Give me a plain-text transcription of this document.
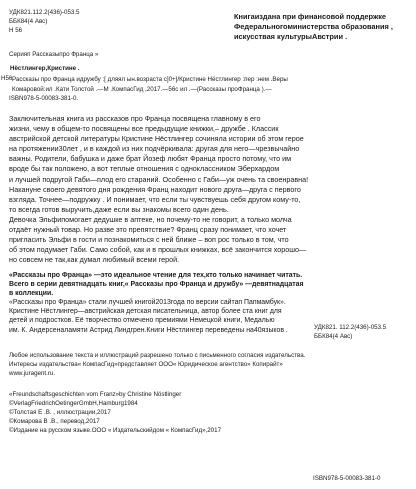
УДК821.112.2(436)-053.5
ББК84(4 Авс)
Н 56
Книгаиздана при финансовой поддержке
Федеральногоминистерства образования ,
искусствая культурыАвстрии .
Серияп Рассказыпро Франца »
Нёстлингер,Кристине .
Н56 Рассказы про Франца идружбу :[ дляял ын.возраста с]0+]/Кристине Нёстлингер :пер :нем .Веры
Комаровой:ил .Кати Толстой .—М .КомпасГид ,2017.—56с ил .—(Рассказы проФранца ).—
ISBN978-5-00083-381-0.
Заключительная книга из рассказов про Франца посвящена главному в его
жизни, чему в общем-то посвящены все предыдущие книжки,– дружбе . Классик
австрийской детской литературы Кристине Нёстлингер сочиняла истории об этом герое
на протяжении30лет , и в каждой из них подчёркивала: другая для него—чрезвычайно
важны. Родители, бабушка и даже брат Йозеф любят Франца просто потому, что им
вроде бы так положено, а вот теплые отношения с одноклассником Эберхардом
и лучшей подругой Габи—плод его стараний. Особенно с Габи—уж очень та своенравна!
Накануне своего девятого дня рождения Франц находит нового друга—друга с первого
взгляда. Точнее—подружку . И понимает, что если ты чувствуешь себя другом кому-то,
то всегда готов выручить,даже если вы знакомы всего один день.
Девочка Эльфипомогает дедушке в аптеке, но почему-то не говорит, а только молча
отдаёт нужный товар. Но разве это препятствие? Франц сразу понимает, что хочет
пригласить Эльфи в гости и познакомиться с ней ближе – воп рос только в том, что
об этом подумает Габи. Само собой, как и в прошлых книжках, всё закончится хорошо—
но совсем не так,как думал любимый всеми герой.
«Рассказы про Франца» —это идеальное чтение для тех,кто только начинает читать.
Всего в серии девятнадцать книг,« Рассказы про Франца и дружбу» —девятнадцатая
в коллекции.
«Рассказы про Франца» стали лучшей книгой2013года по версии сайтап Папмамбук».
Кристине Нёстлингер—австрийская детская писательница, автор более ста книг для
детей и подростков. Её творчество отмечено премиями Немецкой книги, Медалью
им. К. Андерсеналамяти Астрид Линдгрен.Книги Нёстлингер переведены на40языков .	УДК821. 112.2(436)-053.5
ББК84(4 Авс)
Любое использование текста и иллюстраций разрешено только с письменного согласия издательства.
Интересы издательства« КомпасГид»представляет ООО« Юридическое агентство» Копирайт»
www.juragent.ru.
«Freundschaftsgeschichten vom Franz»by Christine Nöstlinger
©VerlagFriedrichOetingerGmbH,Hamburg1984
©Толстая Е .В. , иллюстрации,2017
©Комарова В .В., перевод,2017
©Издание на русском языке.ООО « Издательскийдом « КомпасГид»,2017
ISBN978-5-00083-381-0
